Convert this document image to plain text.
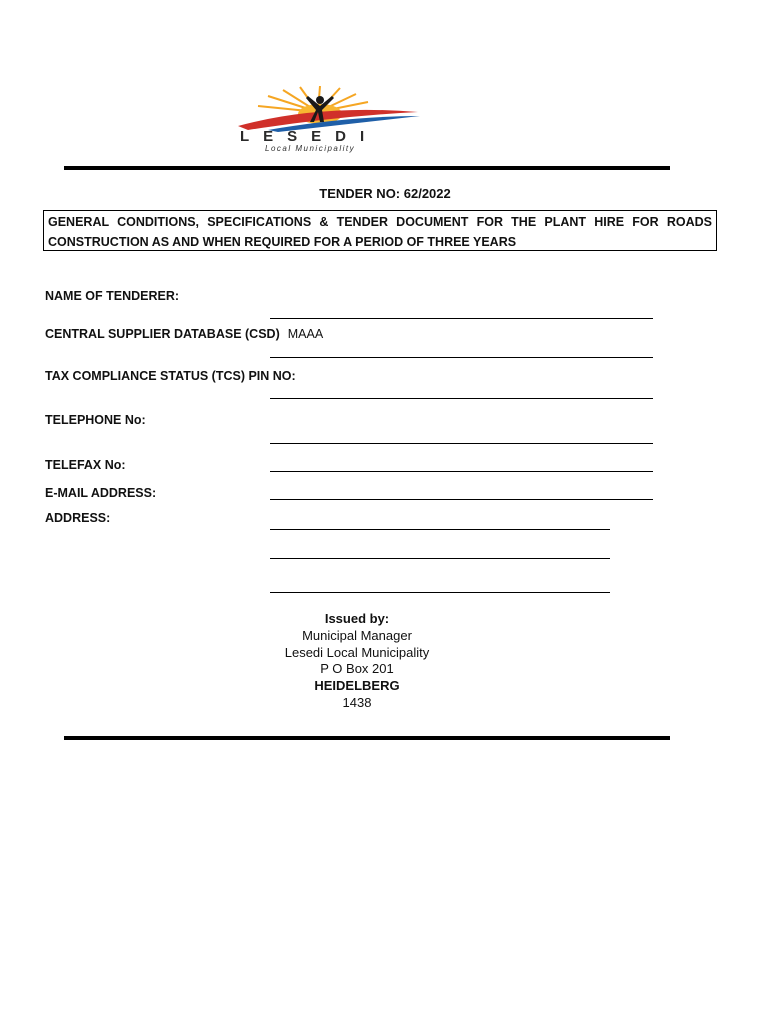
LESEDI
Local Municipality
TENDER NO: 62/2022
GENERAL CONDITIONS, SPECIFICATIONS & TENDER DOCUMENT FOR THE PLANT HIRE FOR ROADS CONSTRUCTION AS AND WHEN REQUIRED FOR A PERIOD OF THREE YEARS
NAME OF TENDERER:
CENTRAL SUPPLIER DATABASE (CSD) MAAA
TAX COMPLIANCE STATUS (TCS) PIN NO:
TELEPHONE No:
TELEFAX No:
E-MAIL ADDRESS:
ADDRESS:
Issued by:
Municipal Manager
Lesedi Local Municipality
P O Box 201
HEIDELBERG
1438
